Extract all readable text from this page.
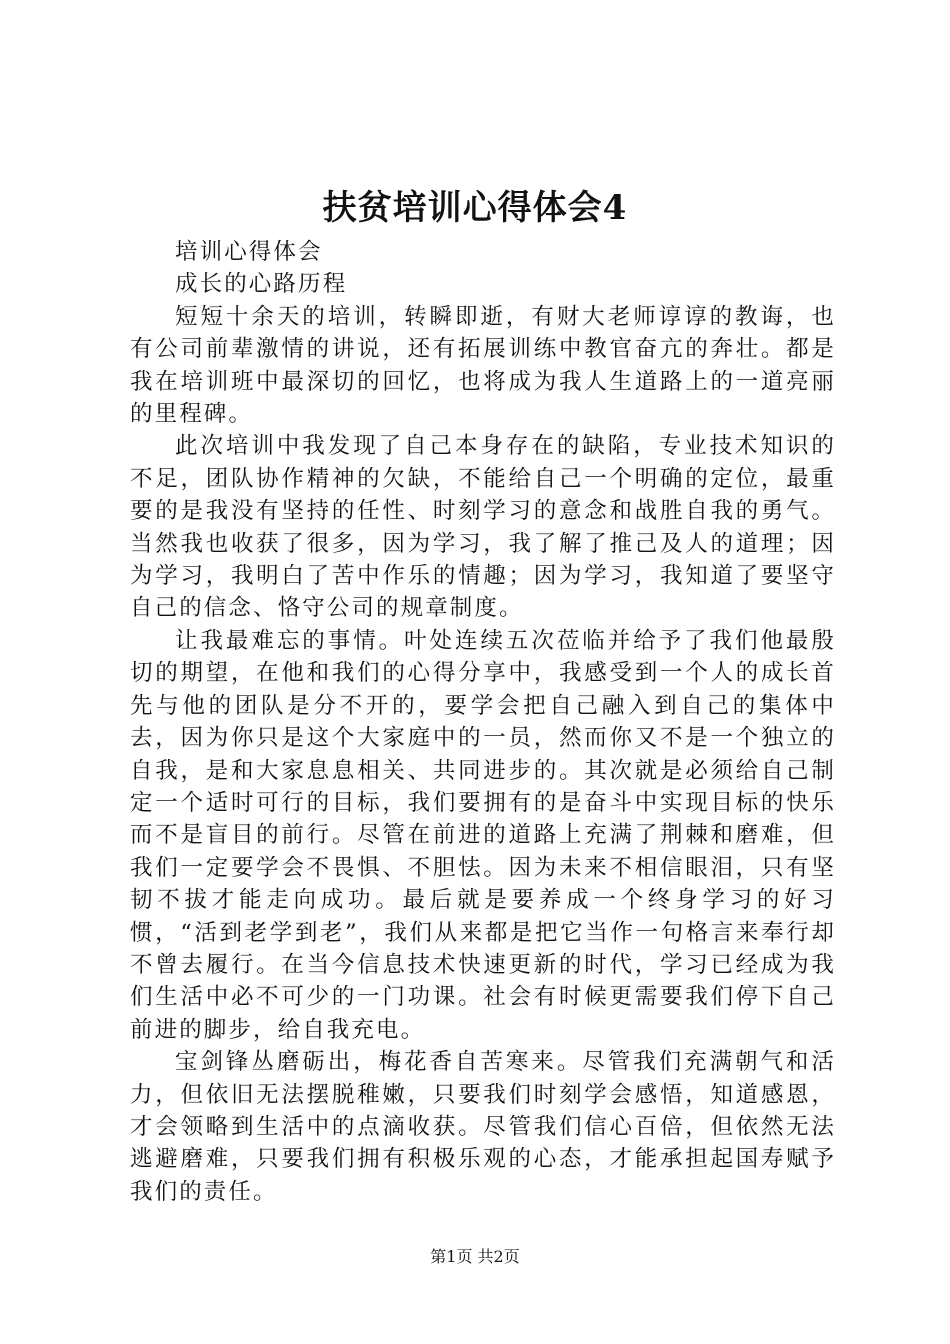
扶贫培训心得体会4

培训心得体会

成长的心路历程

短短十余天的培训，转瞬即逝，有财大老师谆谆的教诲，也有公司前辈激情的讲说，还有拓展训练中教官奋亢的奔壮。都是我在培训班中最深切的回忆，也将成为我人生道路上的一道亮丽的里程碑。

此次培训中我发现了自己本身存在的缺陷，专业技术知识的不足，团队协作精神的欠缺，不能给自己一个明确的定位，最重要的是我没有坚持的任性、时刻学习的意念和战胜自我的勇气。当然我也收获了很多，因为学习，我了解了推己及人的道理；因为学习，我明白了苦中作乐的情趣；因为学习，我知道了要坚守自己的信念、恪守公司的规章制度。

让我最难忘的事情。叶处连续五次莅临并给予了我们他最殷切的期望，在他和我们的心得分享中，我感受到一个人的成长首先与他的团队是分不开的，要学会把自己融入到自己的集体中去，因为你只是这个大家庭中的一员，然而你又不是一个独立的自我，是和大家息息相关、共同进步的。其次就是必须给自己制定一个适时可行的目标，我们要拥有的是奋斗中实现目标的快乐而不是盲目的前行。尽管在前进的道路上充满了荆棘和磨难，但我们一定要学会不畏惧、不胆怯。因为未来不相信眼泪，只有坚韧不拔才能走向成功。最后就是要养成一个终身学习的好习惯，“活到老学到老”，我们从来都是把它当作一句格言来奉行却不曾去履行。在当今信息技术快速更新的时代，学习已经成为我们生活中必不可少的一门功课。社会有时候更需要我们停下自己前进的脚步，给自我充电。

宝剑锋丛磨砺出，梅花香自苦寒来。尽管我们充满朝气和活力，但依旧无法摆脱稚嫩，只要我们时刻学会感悟，知道感恩，才会领略到生活中的点滴收获。尽管我们信心百倍，但依然无法逃避磨难，只要我们拥有积极乐观的心态，才能承担起国寿赋予我们的责任。

第1页 共2页
